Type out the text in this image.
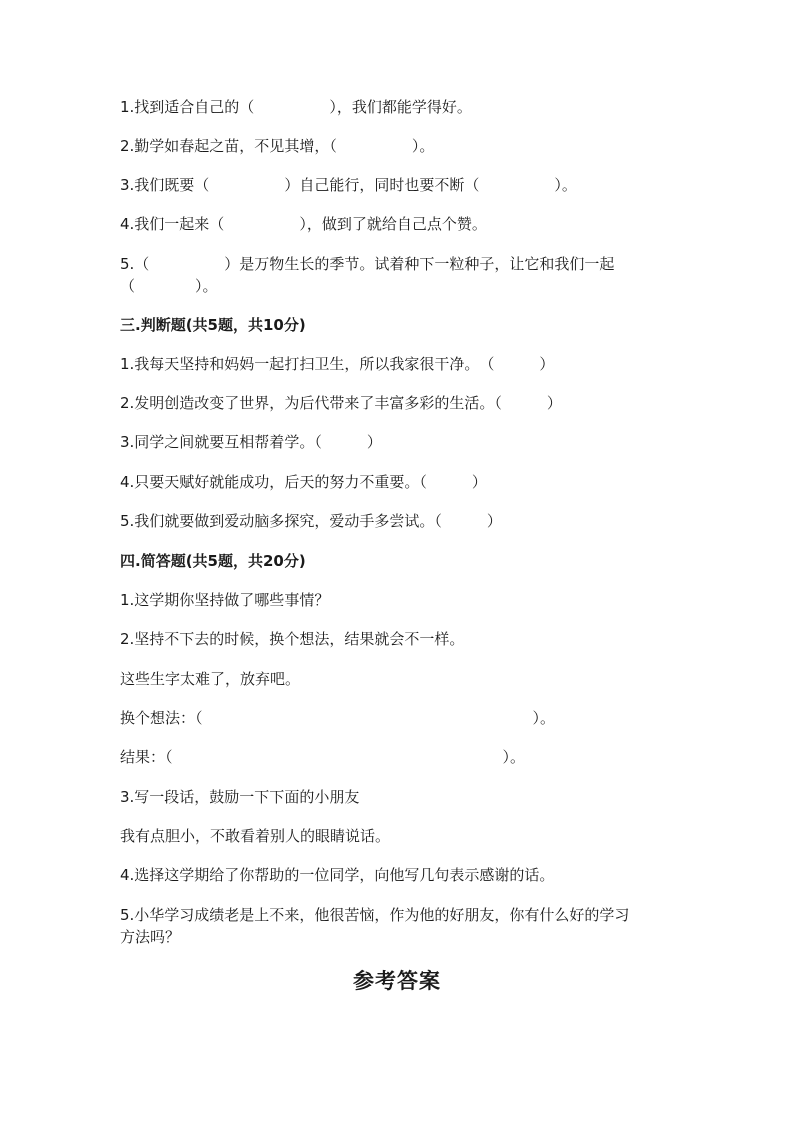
1.找到适合自己的（　　　　　），我们都能学得好。
2.勤学如春起之苗，不见其增，（　　　　　）。
3.我们既要（　　　　　）自己能行，同时也要不断（　　　　　）。
4.我们一起来（　　　　　），做到了就给自己点个赞。
5.（　　　　　）是万物生长的季节。试着种下一粒种子，让它和我们一起
（　　　　）。
三.判断题(共5题，共10分)
1.我每天坚持和妈妈一起打扫卫生，所以我家很干净。　（　　　）
2.发明创造改变了世界，为后代带来了丰富多彩的生活。（　　　）
3.同学之间就要互相帮着学。（　　　）
4.只要天赋好就能成功，后天的努力不重要。（　　　）
5.我们就要做到爱动脑多探究，爱动手多尝试。（　　　）
四.简答题(共5题，共20分)
1.这学期你坚持做了哪些事情？
2.坚持不下去的时候，换个想法，结果就会不一样。
这些生字太难了，放弃吧。
换个想法：（　　　　　　　　　　　　　　　　　　　　　　）。
结果：（　　　　　　　　　　　　　　　　　　　　　　）。
3.写一段话，鼓励一下下面的小朋友
我有点胆小，不敢看着别人的眼睛说话。
4.选择这学期给了你帮助的一位同学，向他写几句表示感谢的话。
5.小华学习成绩老是上不来，他很苦恼，作为他的好朋友，你有什么好的学习
方法吗？
参考答案
